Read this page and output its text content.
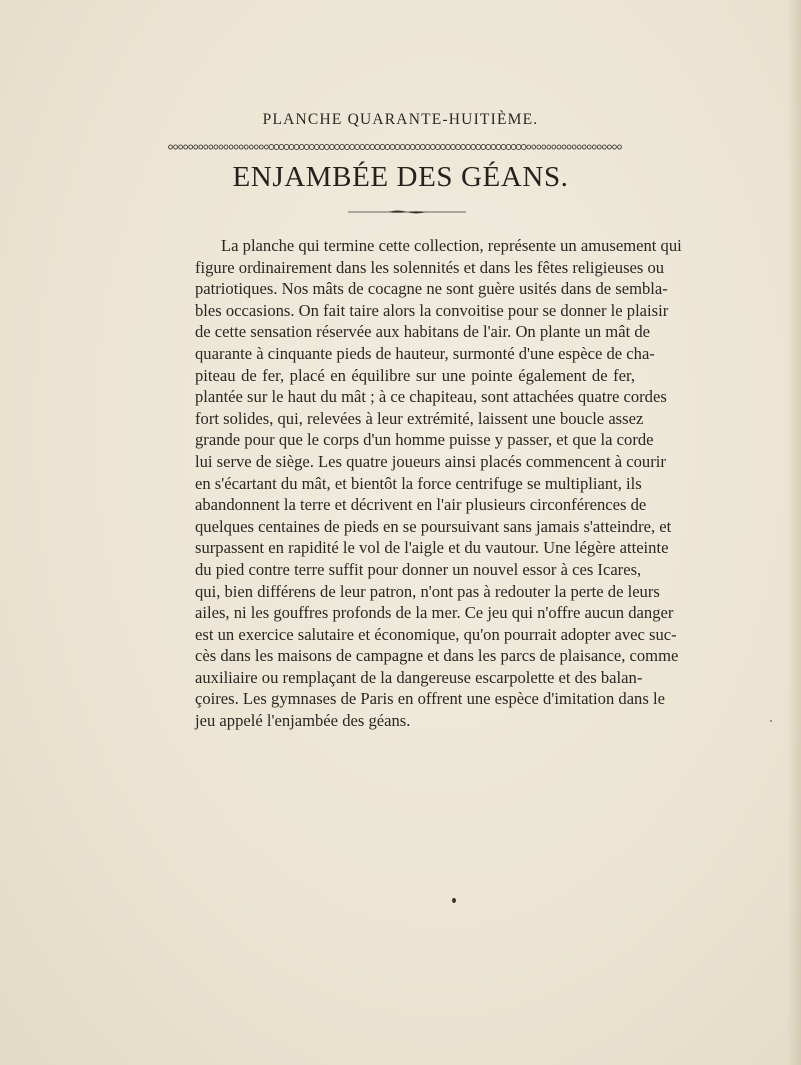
PLANCHE QUARANTE-HUITIÈME.
ENJAMBÉE DES GÉANS.
La planche qui termine cette collection, représente un amusement qui
figure ordinairement dans les solennités et dans les fêtes religieuses ou
patriotiques. Nos mâts de cocagne ne sont guère usités dans de sembla-
bles occasions. On fait taire alors la convoitise pour se donner le plaisir
de cette sensation réservée aux habitans de l'air. On plante un mât de
quarante à cinquante pieds de hauteur, surmonté d'une espèce de cha-
piteau de fer, placé en équilibre sur une pointe également de fer,
plantée sur le haut du mât ; à ce chapiteau, sont attachées quatre cordes
fort solides, qui, relevées à leur extrémité, laissent une boucle assez
grande pour que le corps d'un homme puisse y passer, et que la corde
lui serve de siège. Les quatre joueurs ainsi placés commencent à courir
en s'écartant du mât, et bientôt la force centrifuge se multipliant, ils
abandonnent la terre et décrivent en l'air plusieurs circonférences de
quelques centaines de pieds en se poursuivant sans jamais s'atteindre, et
surpassent en rapidité le vol de l'aigle et du vautour. Une légère atteinte
du pied contre terre suffit pour donner un nouvel essor à ces Icares,
qui, bien différens de leur patron, n'ont pas à redouter la perte de leurs
ailes, ni les gouffres profonds de la mer. Ce jeu qui n'offre aucun danger
est un exercice salutaire et économique, qu'on pourrait adopter avec suc-
cès dans les maisons de campagne et dans les parcs de plaisance, comme
auxiliaire ou remplaçant de la dangereuse escarpolette et des balan-
çoires. Les gymnases de Paris en offrent une espèce d'imitation dans le
jeu appelé l'enjambée des géans.
